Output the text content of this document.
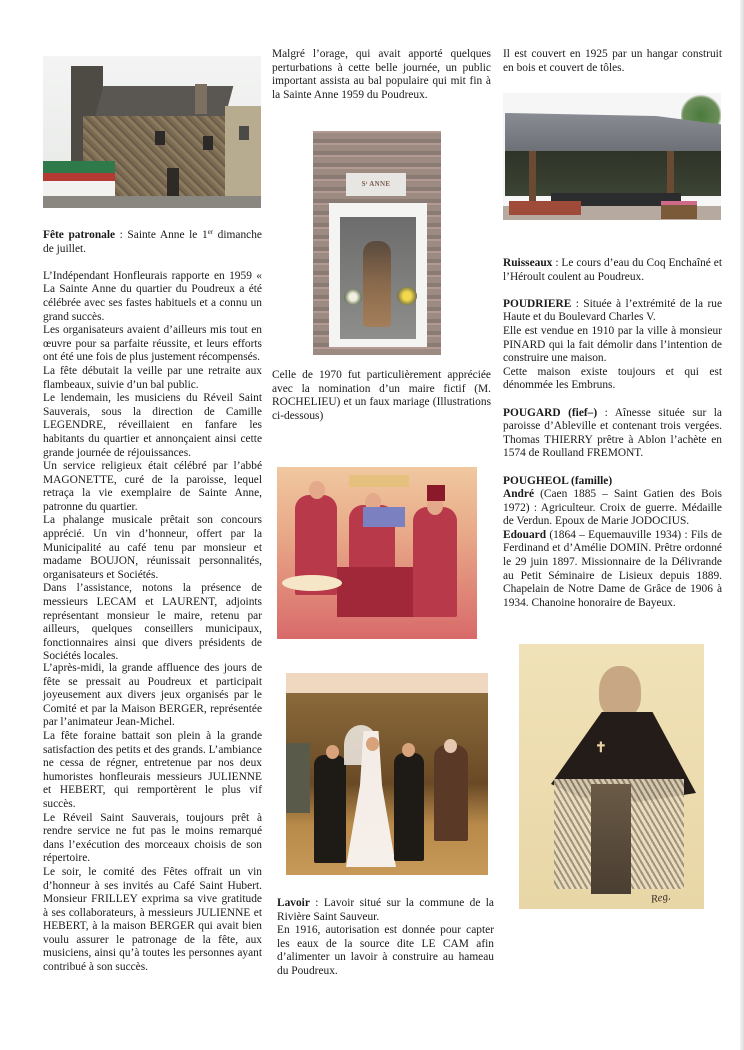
Fête patronale : Sainte Anne le 1er dimanche de juillet.

L’Indépendant Honfleurais rapporte en 1959 « La Sainte Anne du quartier du Poudreux a été célébrée avec ses fastes habituels et a connu un grand succès.

Les organisateurs avaient d’ailleurs mis tout en œuvre pour sa parfaite réussite, et leurs efforts ont été une fois de plus justement récompensés.

La fête débutait la veille par une retraite aux flambeaux, suivie d’un bal public.

Le lendemain, les musiciens du Réveil Saint Sauverais, sous la direction de Camille LEGENDRE, réveillaient en fanfare les habitants du quartier et annonçaient ainsi cette grande journée de réjouissances.

Un service religieux était célébré par l’abbé MAGONETTE, curé de la paroisse, lequel retraça la vie exemplaire de Sainte Anne, patronne du quartier.

La phalange musicale prêtait son concours apprécié. Un vin d’honneur, offert par la Municipalité au café tenu par monsieur et madame BOUJON, réunissait personnalités, organisateurs et Sociétés.

Dans l’assistance, notons la présence de messieurs LECAM et LAURENT, adjoints représentant monsieur le maire, retenu par ailleurs, quelques conseillers municipaux, fonctionnaires ainsi que divers présidents de Sociétés locales.

L’après-midi, la grande affluence des jours de fête se pressait au Poudreux et participait joyeusement aux divers jeux organisés par le Comité et par la Maison BERGER, représentée par l’animateur Jean-Michel.

La fête foraine battait son plein à la grande satisfaction des petits et des grands. L’ambiance ne cessa de régner, entretenue par nos deux humoristes honfleurais messieurs JULIENNE et HEBERT, qui remportèrent le plus vif succès.

Le Réveil Saint Sauverais, toujours prêt à rendre service ne fut pas le moins remarqué dans l’exécution des morceaux choisis de son répertoire.

Le soir, le comité des Fêtes offrait un vin d’honneur à ses invités au Café Saint Hubert. Monsieur FRILLEY exprima sa vive gratitude à ses collaborateurs, à messieurs JULIENNE et HEBERT, à la maison BERGER qui avait bien voulu assurer le patronage de la fête, aux musiciens, ainsi qu’à toutes les personnes ayant contribué à son succès.

Malgré l’orage, qui avait apporté quelques perturbations à cette belle journée, un public important assista au bal populaire qui mit fin à la Sainte Anne 1959 du Poudreux.

Sᵗ ANNE

Celle de 1970 fut particulièrement appréciée avec la nomination d’un maire fictif (M. ROCHELIEU) et un faux mariage (Illustrations ci-dessous)

Lavoir : Lavoir situé sur la commune de la Rivière Saint Sauveur.

En 1916, autorisation est donnée pour capter les eaux de la source dite LE CAM afin d’alimenter un lavoir à construire au hameau du Poudreux.

Il est couvert en 1925 par un hangar construit en bois et couvert de tôles.

Ruisseaux : Le cours d’eau du Coq Enchaîné et l’Héroult coulent au Poudreux.

POUDRIERE : Située à l’extrémité de la rue Haute et du Boulevard Charles V.

Elle est vendue en 1910 par la ville à monsieur PINARD qui la fait démolir dans l’intention de construire une maison.

Cette maison existe toujours et qui est dénommée les Embruns.

POUGARD (fief–) : Aînesse située sur la paroisse d’Ableville et contenant trois vergées. Thomas THIERRY prêtre à Ablon l’achète en 1574 de Roulland FREMONT.

POUGHEOL (famille)

André (Caen 1885 – Saint Gatien des Bois 1972) : Agriculteur. Croix de guerre. Médaille de Verdun. Epoux de Marie JODOCIUS.

Edouard (1864 – Equemauville 1934) : Fils de Ferdinand et d’Amélie DOMIN. Prêtre ordonné le 29 juin 1897. Missionnaire de la Délivrande au Petit Séminaire de Lisieux depuis 1889. Chapelain de Notre Dame de Grâce de 1906 à 1934. Chanoine honoraire de Bayeux.

✝
Reg.
